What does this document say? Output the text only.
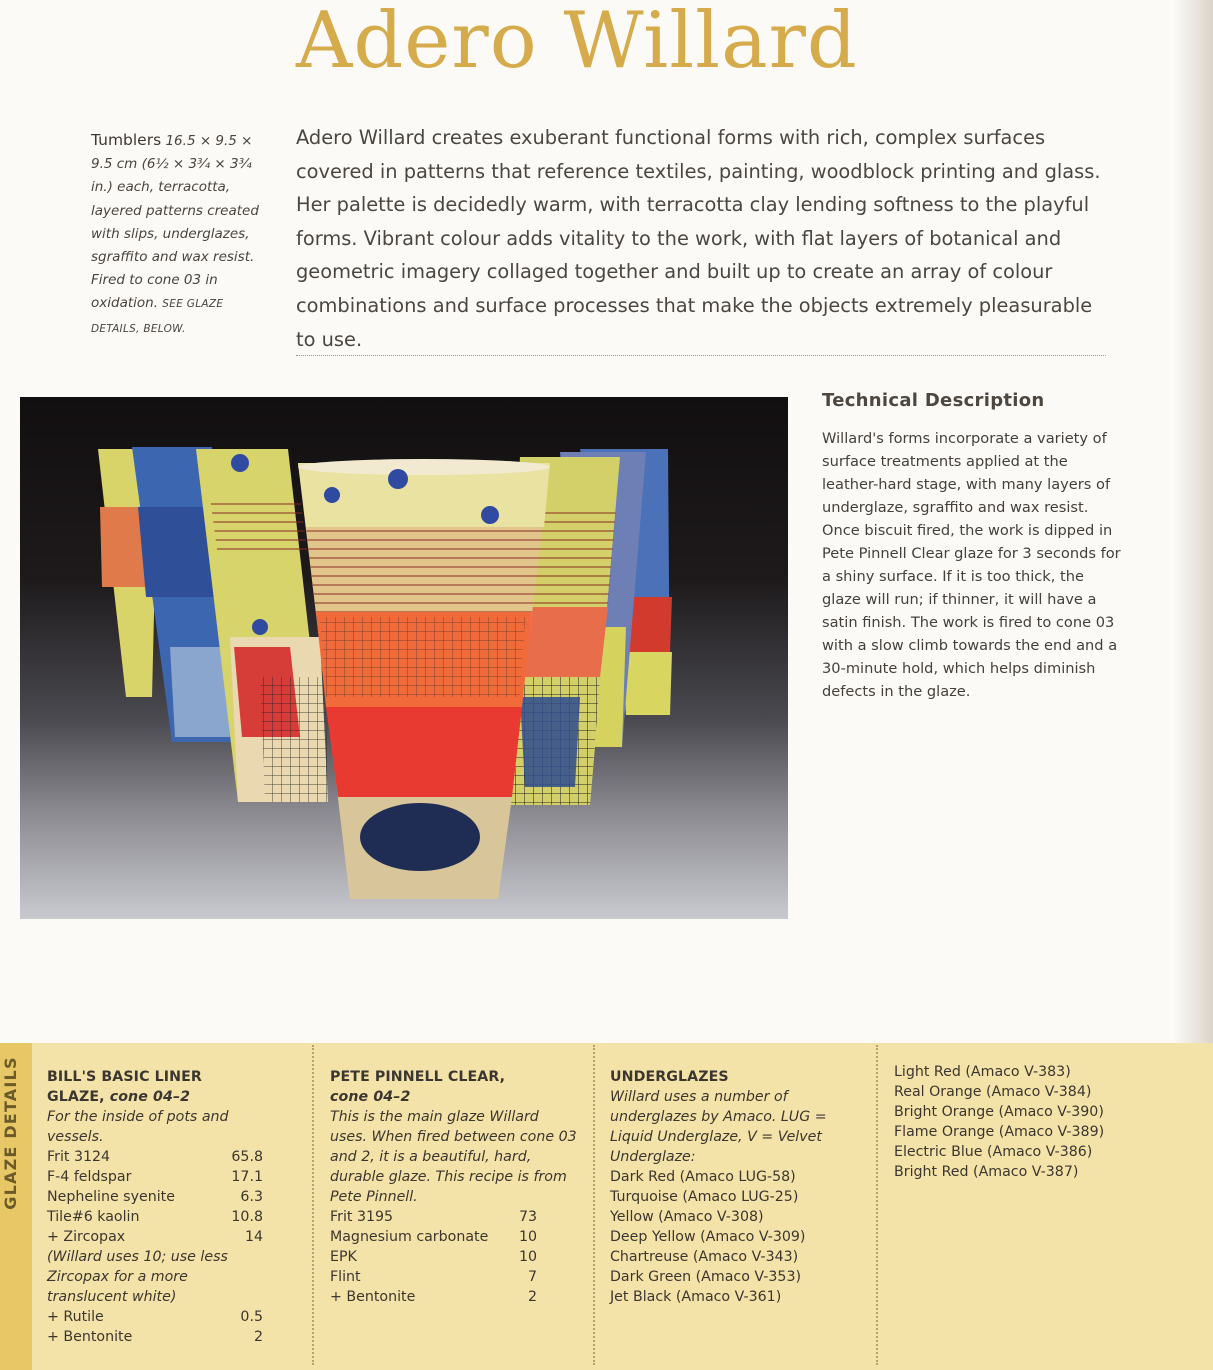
Adero Willard
Tumblers 16.5 × 9.5 × 9.5 cm (6½ × 3¾ × 3¾ in.) each, terracotta, layered patterns created with slips, underglazes, sgraffito and wax resist. Fired to cone 03 in oxidation. SEE GLAZE DETAILS, BELOW.
Adero Willard creates exuberant functional forms with rich, complex surfaces covered in patterns that reference textiles, painting, woodblock printing and glass. Her palette is decidedly warm, with terracotta clay lending softness to the playful forms. Vibrant colour adds vitality to the work, with flat layers of botanical and geometric imagery collaged together and built up to create an array of colour combinations and surface processes that make the objects extremely pleasurable to use.
Technical Description
Willard's forms incorporate a variety of surface treatments applied at the leather-hard stage, with many layers of underglaze, sgraffito and wax resist. Once biscuit fired, the work is dipped in Pete Pinnell Clear glaze for 3 seconds for a shiny surface. If it is too thick, the glaze will run; if thinner, it will have a satin finish. The work is fired to cone 03 with a slow climb towards the end and a 30-minute hold, which helps diminish defects in the glaze.
GLAZE DETAILS	BILL'S BASIC LINER GLAZE, cone 04–2
For the inside of pots and vessels.
Frit 3124	65.8
F-4 feldspar	17.1
Nepheline syenite	6.3
Tile#6 kaolin	10.8
+ Zircopax	14
(Willard uses 10; use less Zircopax for a more translucent white)
+ Rutile	0.5
+ Bentonite	2
PETE PINNELL CLEAR, cone 04–2
This is the main glaze Willard uses. When fired between cone 03 and 2, it is a beautiful, hard, durable glaze. This recipe is from Pete Pinnell.
Frit 3195	73
Magnesium carbonate 10
EPK	10
Flint	7
+ Bentonite	2
UNDERGLAZES
Willard uses a number of underglazes by Amaco. LUG = Liquid Underglaze, V = Velvet Underglaze:
Dark Red (Amaco LUG-58)
Turquoise (Amaco LUG-25)
Yellow (Amaco V-308)
Deep Yellow (Amaco V-309)
Chartreuse (Amaco V-343)
Dark Green (Amaco V-353)
Jet Black (Amaco V-361)
Light Red (Amaco V-383)
Real Orange (Amaco V-384)
Bright Orange (Amaco V-390)
Flame Orange (Amaco V-389)
Electric Blue (Amaco V-386)
Bright Red (Amaco V-387)
